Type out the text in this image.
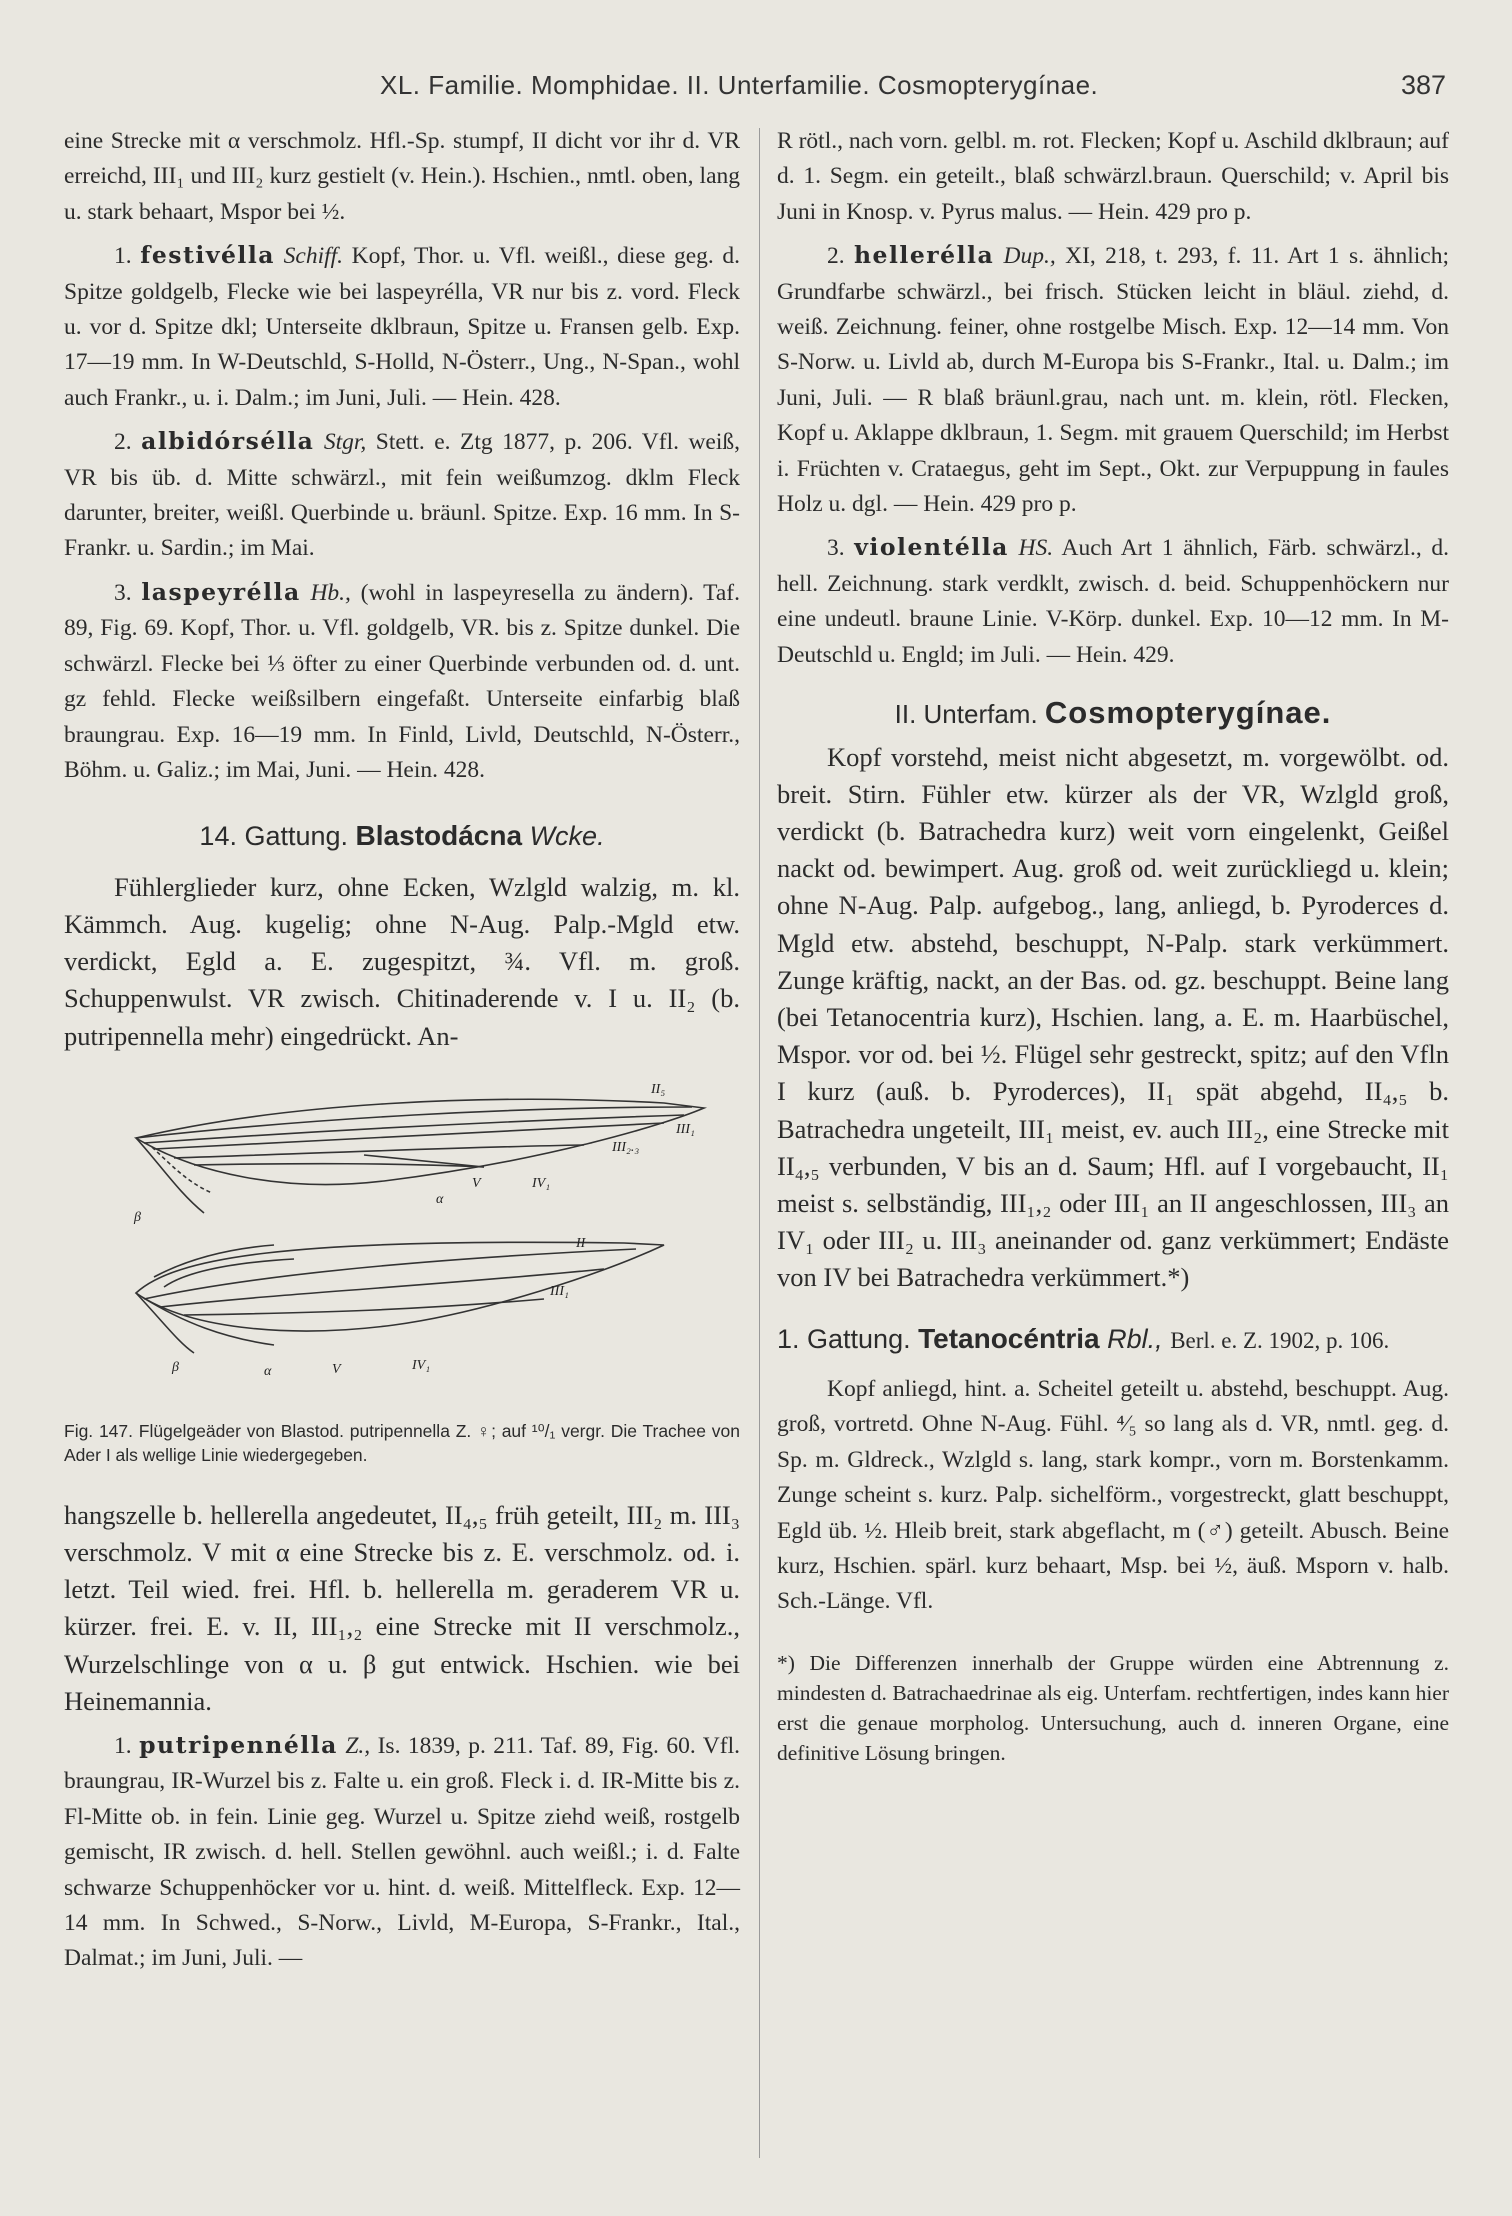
XL. Familie. Momphidae. II. Unterfamilie. Cosmopterygínae.	387

eine Strecke mit α verschmolz. Hfl.-Sp. stumpf, II dicht vor ihr d. VR erreichd, III₁ und III₂ kurz gestielt (v. Hein.). Hschien., nmtl. oben, lang u. stark behaart, Mspor bei ½.

1. festivélla Schiff. Kopf, Thor. u. Vfl. weißl., diese geg. d. Spitze goldgelb, Flecke wie bei laspeyrélla, VR nur bis z. vord. Fleck u. vor d. Spitze dkl; Unterseite dklbraun, Spitze u. Fransen gelb. Exp. 17—19 mm. In W-Deutschld, S-Holld, N-Österr., Ung., N-Span., wohl auch Frankr., u. i. Dalm.; im Juni, Juli. — Hein. 428.

2. albidórsélla Stgr, Stett. e. Ztg 1877, p. 206. Vfl. weiß, VR bis üb. d. Mitte schwärzl., mit fein weißumzog. dklm Fleck darunter, breiter, weißl. Querbinde u. bräunl. Spitze. Exp. 16 mm. In S-Frankr. u. Sardin.; im Mai.

3. laspeyrélla Hb., (wohl in laspeyresella zu ändern). Taf. 89, Fig. 69. Kopf, Thor. u. Vfl. goldgelb, VR. bis z. Spitze dunkel. Die schwärzl. Flecke bei ⅓ öfter zu einer Querbinde verbunden od. d. unt. gz fehld. Flecke weißsilbern eingefaßt. Unterseite einfarbig blaß braungrau. Exp. 16—19 mm. In Finld, Livld, Deutschld, N-Österr., Böhm. u. Galiz.; im Mai, Juni. — Hein. 428.

14. Gattung. Blastodácna Wcke.

Fühlerglieder kurz, ohne Ecken, Wzlgld walzig, m. kl. Kämmch. Aug. kugelig; ohne N-Aug. Palp.-Mgld etw. verdickt, Egld a. E. zugespitzt, ¾. Vfl. m. groß. Schuppenwulst. VR zwisch. Chitinaderende v. I u. II₂ (b. putripennella mehr) eingedrückt. An-

II₅
III₁
III₂.₃
IV₁
V
α
β
II
III₁
β	α	V	IV₁
Fig. 147. Flügelgeäder von Blastod. putripennella Z. ♀; auf ¹⁰/₁ vergr. Die Trachee von Ader I als wellige Linie wiedergegeben.

hangszelle b. hellerella angedeutet, II₄,₅ früh geteilt, III₂ m. III₃ verschmolz. V mit α eine Strecke bis z. E. verschmolz. od. i. letzt. Teil wied. frei. Hfl. b. hellerella m. geraderem VR u. kürzer. frei. E. v. II, III₁,₂ eine Strecke mit II verschmolz., Wurzelschlinge von α u. β gut entwick. Hschien. wie bei Heinemannia.

1. putripennélla Z., Is. 1839, p. 211. Taf. 89, Fig. 60. Vfl. braungrau, IR-Wurzel bis z. Falte u. ein groß. Fleck i. d. IR-Mitte bis z. Fl-Mitte ob. in fein. Linie geg. Wurzel u. Spitze ziehd weiß, rostgelb gemischt, IR zwisch. d. hell. Stellen gewöhnl. auch weißl.; i. d. Falte schwarze Schuppenhöcker vor u. hint. d. weiß. Mittelfleck. Exp. 12—14 mm. In Schwed., S-Norw., Livld, M-Europa, S-Frankr., Ital., Dalmat.; im Juni, Juli. —

R rötl., nach vorn. gelbl. m. rot. Flecken; Kopf u. Aschild dklbraun; auf d. 1. Segm. ein geteilt., blaß schwärzl.braun. Querschild; v. April bis Juni in Knosp. v. Pyrus malus. — Hein. 429 pro p.

2. hellerélla Dup., XI, 218, t. 293, f. 11. Art 1 s. ähnlich; Grundfarbe schwärzl., bei frisch. Stücken leicht in bläul. ziehd, d. weiß. Zeichnung. feiner, ohne rostgelbe Misch. Exp. 12—14 mm. Von S-Norw. u. Livld ab, durch M-Europa bis S-Frankr., Ital. u. Dalm.; im Juni, Juli. — R blaß bräunl.grau, nach unt. m. klein, rötl. Flecken, Kopf u. Aklappe dklbraun, 1. Segm. mit grauem Querschild; im Herbst i. Früchten v. Crataegus, geht im Sept., Okt. zur Verpuppung in faules Holz u. dgl. — Hein. 429 pro p.

3. violentélla HS. Auch Art 1 ähnlich, Färb. schwärzl., d. hell. Zeichnung. stark verdklt, zwisch. d. beid. Schuppenhöckern nur eine undeutl. braune Linie. V-Körp. dunkel. Exp. 10—12 mm. In M-Deutschld u. Engld; im Juli. — Hein. 429.

II. Unterfam. Cosmopterygínae.

Kopf vorstehd, meist nicht abgesetzt, m. vorgewölbt. od. breit. Stirn. Fühler etw. kürzer als der VR, Wzlgld groß, verdickt (b. Batrachedra kurz) weit vorn eingelenkt, Geißel nackt od. bewimpert. Aug. groß od. weit zurückliegd u. klein; ohne N-Aug. Palp. aufgebog., lang, anliegd, b. Pyroderces d. Mgld etw. abstehd, beschuppt, N-Palp. stark verkümmert. Zunge kräftig, nackt, an der Bas. od. gz. beschuppt. Beine lang (bei Tetanocentria kurz), Hschien. lang, a. E. m. Haarbüschel, Mspor. vor od. bei ½. Flügel sehr gestreckt, spitz; auf den Vfln I kurz (auß. b. Pyroderces), II₁ spät abgehd, II₄,₅ b. Batrachedra ungeteilt, III₁ meist, ev. auch III₂, eine Strecke mit II₄,₅ verbunden, V bis an d. Saum; Hfl. auf I vorgebaucht, II₁ meist s. selbständig, III₁,₂ oder III₁ an II angeschlossen, III₃ an IV₁ oder III₂ u. III₃ aneinander od. ganz verkümmert; Endäste von IV bei Batrachedra verkümmert.*)

1. Gattung. Tetanocéntria Rbl., Berl. e. Z. 1902, p. 106.

Kopf anliegd, hint. a. Scheitel geteilt u. abstehd, beschuppt. Aug. groß, vortretd. Ohne N-Aug. Fühl. ⁴⁄₅ so lang als d. VR, nmtl. geg. d. Sp. m. Gldreck., Wzlgld s. lang, stark kompr., vorn m. Borstenkamm. Zunge scheint s. kurz. Palp. sichelförm., vorgestreckt, glatt beschuppt, Egld üb. ½. Hleib breit, stark abgeflacht, m (♂) geteilt. Abusch. Beine kurz, Hschien. spärl. kurz behaart, Msp. bei ½, äuß. Msporn v. halb. Sch.-Länge. Vfl.

*) Die Differenzen innerhalb der Gruppe würden eine Abtrennung z. mindesten d. Batrachaedrinae als eig. Unterfam. rechtfertigen, indes kann hier erst die genaue morpholog. Untersuchung, auch d. inneren Organe, eine definitive Lösung bringen.
